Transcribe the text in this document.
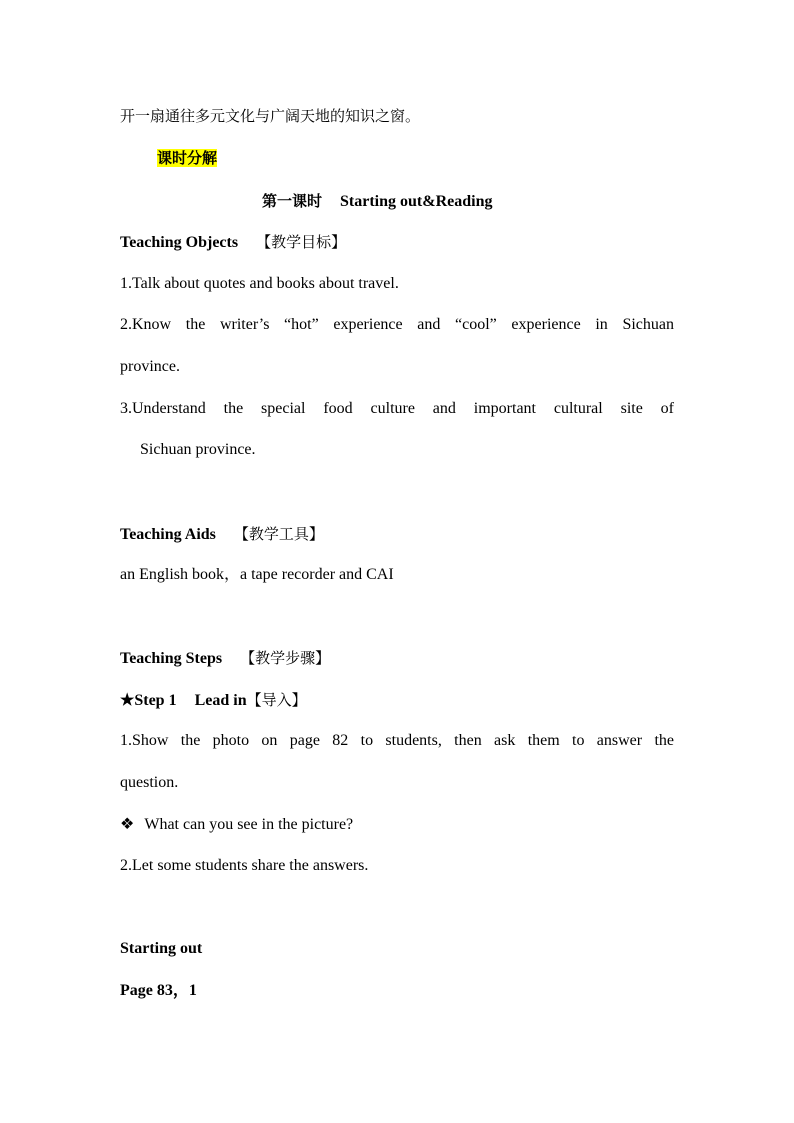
开一扇通往多元文化与广阔天地的知识之窗。
课时分解
第一课时 Starting out&Reading
Teaching Objects 【教学目标】
1.Talk about quotes and books about travel.
2.Know the writer’s “hot” experience and “cool” experience in Sichuan
province.
3.Understand the special food culture and important cultural site of
Sichuan province.
Teaching Aids 【教学工具】
an English book，a tape recorder and CAI
Teaching Steps 【教学步骤】
★Step 1 Lead in【导入】
1.Show the photo on page 82 to students, then ask them to answer the
question.
❖ What can you see in the picture?
2.Let some students share the answers.
Starting out
Page 83，1
